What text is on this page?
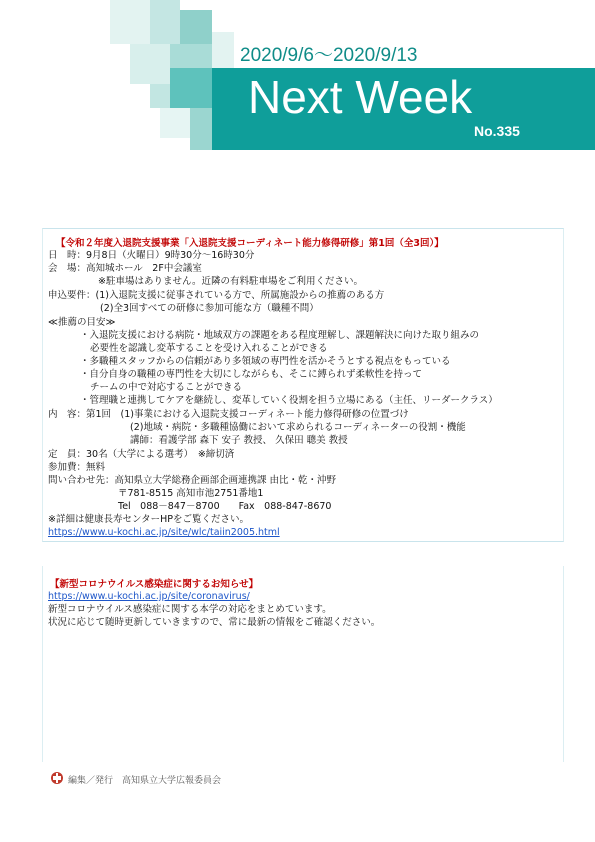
2020/9/6～2020/9/13
Next Week
No.335
【令和２年度入退院支援事業「入退院支援コーディネート能力修得研修」第1回（全3回）】
日　時：9月8日（火曜日）9時30分～16時30分
会　場：高知城ホール　2F中会議室
※駐車場はありません。近隣の有料駐車場をご利用ください。
申込要件：(1)入退院支援に従事されている方で、所属施設からの推薦のある方
(2)全3回すべての研修に参加可能な方（職種不問）
≪推薦の目安≫
・入退院支援における病院・地域双方の課題をある程度理解し、課題解決に向けた取り組みの
必要性を認識し変革することを受け入れることができる
・多職種スタッフからの信頼があり多領域の専門性を活かそうとする視点をもっている
・自分自身の職種の専門性を大切にしながらも、そこに縛られず柔軟性を持って
チームの中で対応することができる
・管理職と連携してケアを継続し、変革していく役割を担う立場にある（主任、リーダークラス）
内　容：第1回　(1)事業における入退院支援コーディネート能力修得研修の位置づけ
(2)地域・病院・多職種協働において求められるコーディネーターの役割・機能
講師：看護学部 森下 安子 教授、 久保田 聰美 教授
定　員：30名（大学による選考）　※締切済
参加費：無料
問い合わせ先：高知県立大学総務企画部企画連携課 由比・乾・沖野
〒781-8515 高知市池2751番地1
Tel　088－847－8700　　Fax　088-847-8670
※詳細は健康長寿センターHPをご覧ください。
https://www.u-kochi.ac.jp/site/wlc/taiin2005.html
【新型コロナウイルス感染症に関するお知らせ】
https://www.u-kochi.ac.jp/site/coronavirus/
新型コロナウイルス感染症に関する本学の対応をまとめています。
状況に応じて随時更新していきますので、常に最新の情報をご確認ください。
編集／発行　高知県立大学広報委員会
